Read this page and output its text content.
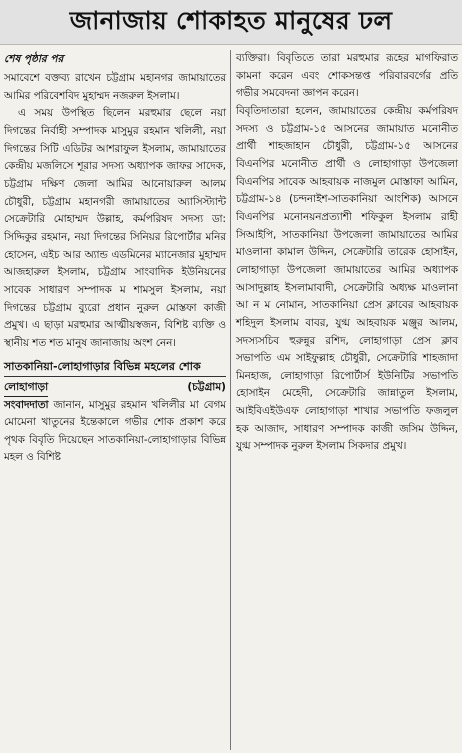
জানাজায় শোকাহত মানুষের ঢল

শেষ পৃষ্ঠার পর

সমাবেশে বক্তব্য রাখেন চট্টগ্রাম মহানগর জামায়াতের আমির পরিবেশবিদ মুহাম্মদ নজরুল ইসলাম।

এ সময় উপস্থিত ছিলেন মরহুমার ছেলে নয়া দিগন্তের নির্বাহী সম্পাদক মাসুমুর রহমান খলিলী, নয়া দিগন্তের সিটি এডিটর আশরাফুল ইসলাম, জামায়াতের কেন্দ্রীয় মজলিসে শূরার সদস্য অধ্যাপক জাফর সাদেক, চট্টগ্রাম দক্ষিণ জেলা আমির আনোয়ারুল আলম চৌধুরী, চট্টগ্রাম মহানগরী জামায়াতের অ্যাসিস্ট্যান্ট সেক্রেটারি মোহাম্মদ উল্লাহ, কর্মপরিষদ সদস্য ডা: সিদ্দিকুর রহমান, নয়া দিগন্তের সিনিয়র রিপোর্টার মনির হোসেন, এইচ আর অ্যান্ড এডমিনের ম্যানেজার মুহাম্মদ আজহারুল ইসলাম, চট্টগ্রাম সাংবাদিক ইউনিয়নের সাবেক সাধারণ সম্পাদক ম শামসুল ইসলাম, নয়া দিগন্তের চট্টগ্রাম ব্যুরো প্রধান নুরুল মোস্তফা কাজী প্রমুখ। এ ছাড়া মরহুমার আত্মীয়স্বজন, বিশিষ্ট ব্যক্তি ও স্থানীয় শত শত মানুষ জানাজায় অংশ নেন।

সাতকানিয়া-লোহাগাড়ার বিভিন্ন মহলের শোক
লোহাগাড়া	(চট্টগ্রাম)

সংবাদদাতা জানান, মাসুমুর রহমান খলিলীর মা বেগম মোমেনা খাতুনের ইন্তেকালে গভীর শোক প্রকাশ করে পৃথক বিবৃতি দিয়েছেন সাতকানিয়া-লোহাগাড়ার বিভিন্ন মহল ও বিশিষ্ট

ব্যক্তিরা। বিবৃতিতে তারা মরহুমার রূহের মাগফিরাত কামনা করেন এবং শোকসন্তপ্ত পরিবারবর্গের প্রতি গভীর সমবেদনা জ্ঞাপন করেন।

বিবৃতিদাতারা হলেন, জামায়াতের কেন্দ্রীয় কর্মপরিষদ সদস্য ও চট্টগ্রাম-১৫ আসনের জামায়াত মনোনীত প্রার্থী শাহজাহান চৌধুরী, চট্টগ্রাম-১৫ আসনের বিএনপির মনোনীত প্রার্থী ও লোহাগাড়া উপজেলা বিএনপির সাবেক আহবায়ক নাজমুল মোস্তাফা আমিন, চট্টগ্রাম-১৪ (চন্দনাইশ-সাতকানিয়া আংশিক) আসনে বিএনপির মনোনয়নপ্রত্যাশী শফিকুল ইসলাম রাহী সিআইপি, সাতকানিয়া উপজেলা জামায়াতের আমির মাওলানা কামাল উদ্দিন, সেক্রেটারি তারেক হোসাইন, লোহাগাড়া উপজেলা জামায়াতের আমির অধ্যাপক আসাদুল্লাহ ইসলামাবাদী, সেক্রেটারি অধ্যক্ষ মাওলানা আ ন ম নোমান, সাতকানিয়া প্রেস ক্লাবের আহবায়ক শহিদুল ইসলাম বাবর, যুগ্ম আহবায়ক মঞ্জুর আলম, সদস্যসচিব হুরুন্নুর রশিদ, লোহাগাড়া প্রেস ক্লাব সভাপতি এম সাইফুল্লাহ চৌধুরী, সেক্রেটারি শাহজাদা মিনহাজ, লোহাগাড়া রিপোর্টার্স ইউনিটির সভাপতি হোসাইন মেহেদী, সেক্রেটারি জান্নাতুল ইসলাম, আইবিএইউএফ লোহাগাড়া শাখার সভাপতি ফজলুল হক আজাদ, সাধারণ সম্পাদক কাজী জসিম উদ্দিন, যুগ্ম সম্পাদক নুরুল ইসলাম সিকদার প্রমুখ।
